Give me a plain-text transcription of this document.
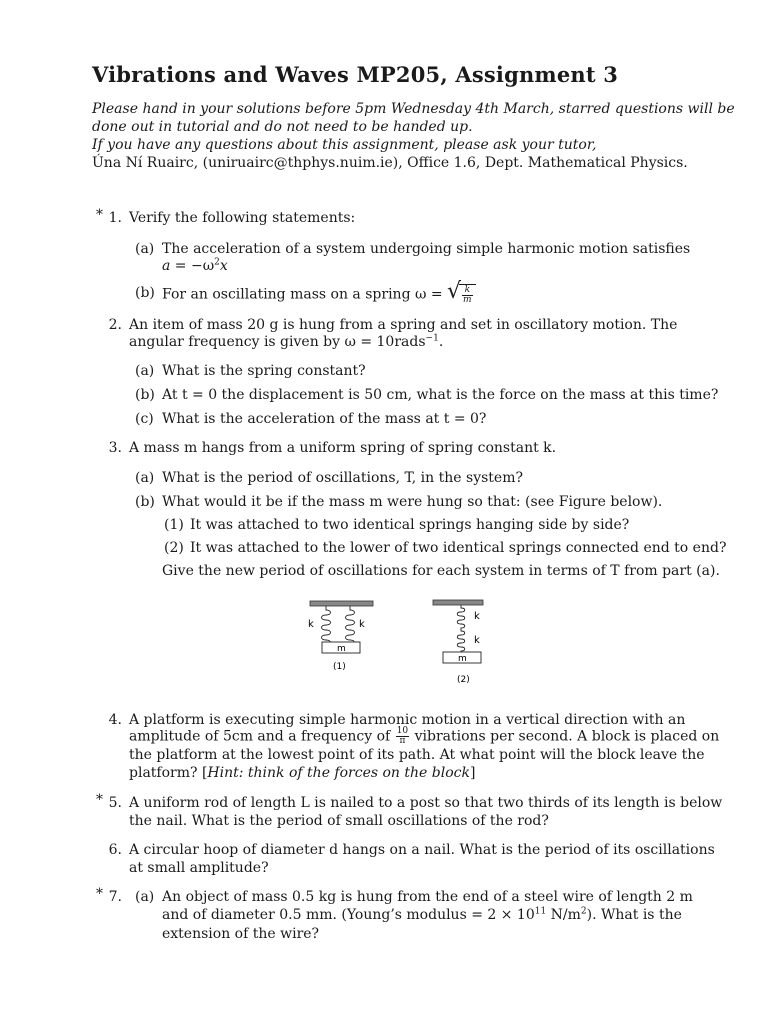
Vibrations and Waves MP205, Assignment 3
Please hand in your solutions before 5pm Wednesday 4th March, starred questions will be
done out in tutorial and do not need to be handed up.
If you have any questions about this assignment, please ask your tutor,
Úna Ní Ruairc, (uniruairc@thphys.nuim.ie), Office 1.6, Dept. Mathematical Physics.
* 1. Verify the following statements:
(a) The acceleration of a system undergoing simple harmonic motion satisfies
$a = -\omega^2x$
(b) For an oscillating mass on a spring ω = √ $\frac{k}{m}$
2. An item of mass 20 g is hung from a spring and set in oscillatory motion. The
angular frequency is given by ω = 10rads$^{-1}$.
(a) What is the spring constant?
(b) At t = 0 the displacement is 50 cm, what is the force on the mass at this time?
(c) What is the acceleration of the mass at t = 0?
3. A mass m hangs from a uniform spring of spring constant k.
(a) What is the period of oscillations, T, in the system?
(b) What would it be if the mass m were hung so that: (see Figure below).
(1) It was attached to two identical springs hanging side by side?
(2) It was attached to the lower of two identical springs connected end to end?
Give the new period of oscillations for each system in terms of T from part (a).
k	k
m
(1)
k
k
m
(2)
4. A platform is executing simple harmonic motion in a vertical direction with an
amplitude of 5cm and a frequency of $\frac{10}{\pi}$ vibrations per second. A block is placed on
the platform at the lowest point of its path. At what point will the block leave the
platform? [Hint: think of the forces on the block]
* 5. A uniform rod of length L is nailed to a post so that two thirds of its length is below
the nail. What is the period of small oscillations of the rod?
6. A circular hoop of diameter d hangs on a nail. What is the period of its oscillations
at small amplitude?
* 7. (a) An object of mass 0.5 kg is hung from the end of a steel wire of length 2 m
and of diameter 0.5 mm. (Young’s modulus = $2 \times 10^{11}$ $N/m^2$). What is the
extension of the wire?
